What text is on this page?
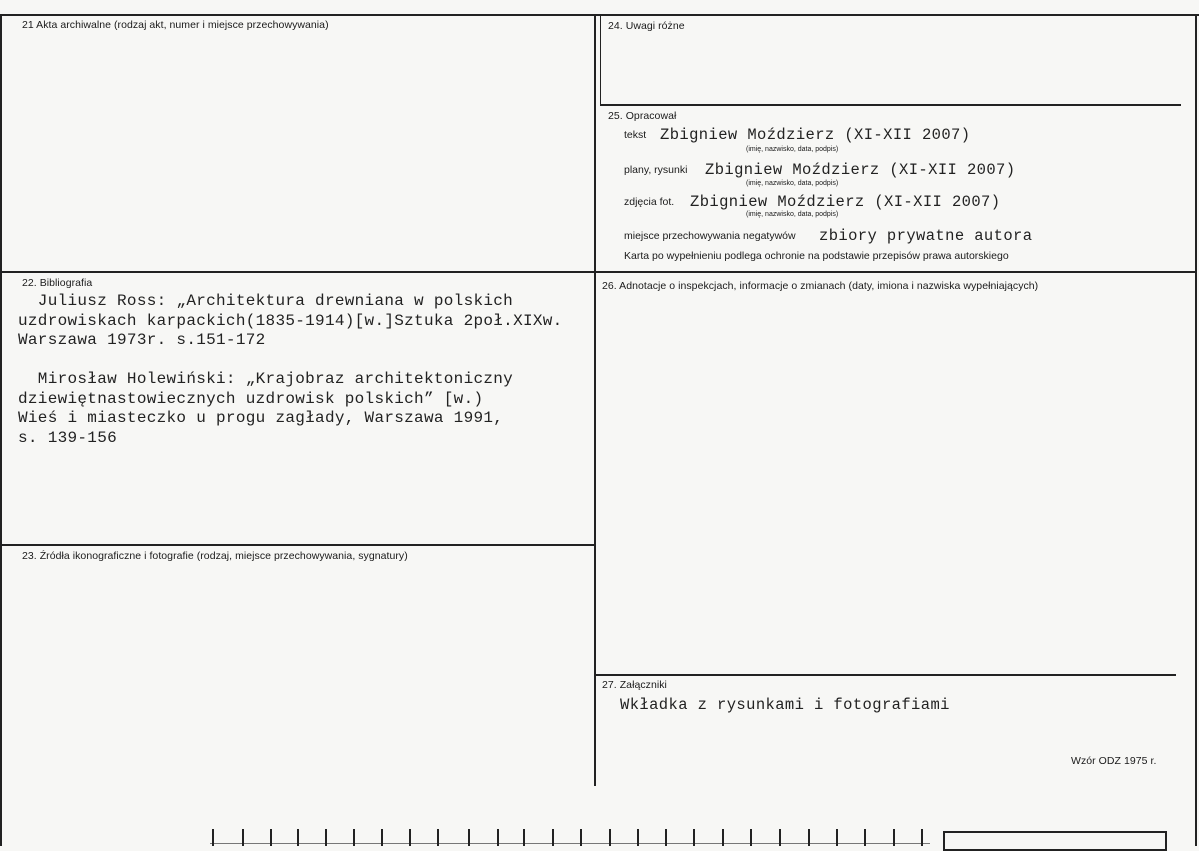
21 Akta archiwalne (rodzaj akt, numer i miejsce przechowywania)
22. Bibliografia
Juliusz Ross: „Architektura drewniana w polskich
uzdrowiskach karpackich(1835-1914)[w.]Sztuka 2poł.XIXw.
Warszawa 1973r. s.151-172
Mirosław Holewiński: „Krajobraz architektoniczny
dziewiętnastowiecznych uzdrowisk polskich” [w.)
Wieś i miasteczko u progu zagłady, Warszawa 1991,
s. 139-156
23. Źródła ikonograficzne i fotografie (rodzaj, miejsce przechowywania, sygnatury)
24. Uwagi różne
25. Opracował
tekst Zbigniew Moździerz (XI-XII 2007)
(imię, nazwisko, data, podpis)
plany, rysunki Zbigniew Moździerz (XI-XII 2007)
(imię, nazwisko, data, podpis)
zdjęcia fot. Zbigniew Moździerz (XI-XII 2007)
(imię, nazwisko, data, podpis)
miejsce przechowywania negatywów zbiory prywatne autora
Karta po wypełnieniu podlega ochronie na podstawie przepisów prawa autorskiego
26. Adnotacje o inspekcjach, informacje o zmianach (daty, imiona i nazwiska wypełniających)
27. Załączniki
Wkładka z rysunkami i fotografiami
Wzór ODZ 1975 r.
